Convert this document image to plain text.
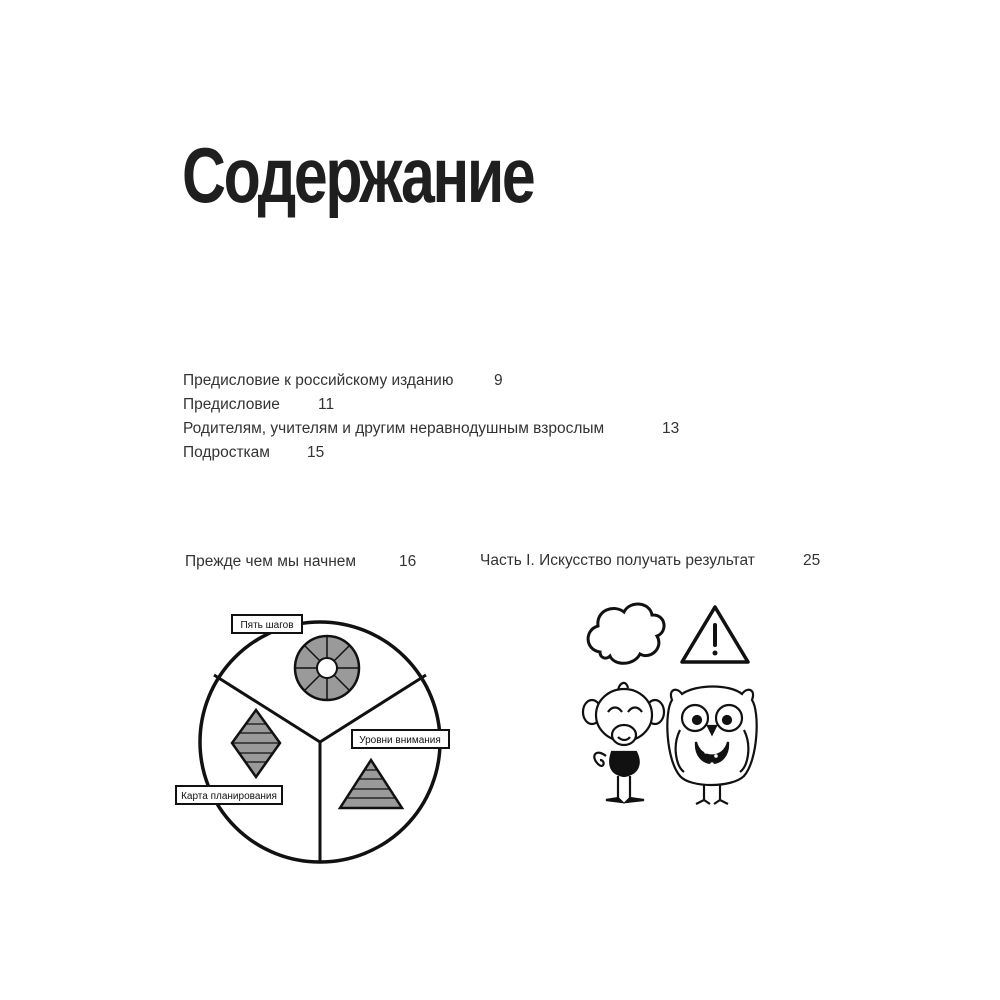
Содержание
Предисловие к российскому изданию	9
Предисловие 11
Родителям, учителям и другим неравнодушным взрослым	13
Подросткам 15
Прежде чем мы начнем	16	Часть I. Искусство получать результат	25
Пять шагов
Уровни внимания
Карта планирования
